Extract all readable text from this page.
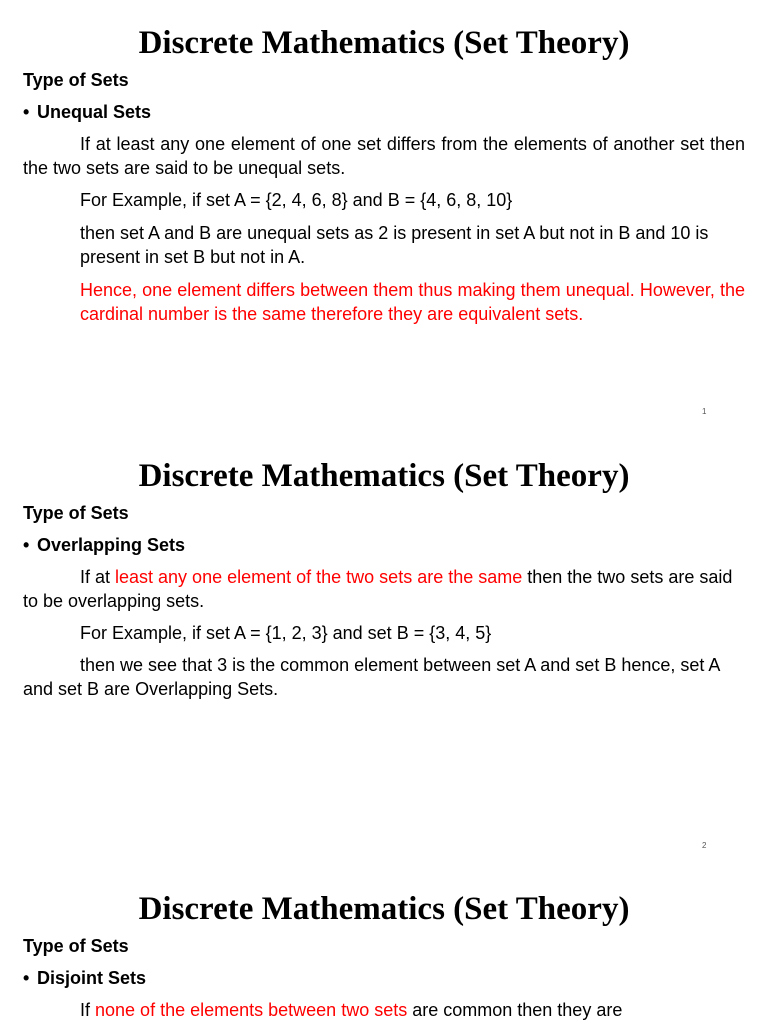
Discrete Mathematics (Set Theory)
Type of Sets
• Unequal Sets

If at least any one element of one set differs from the elements of another set then the two sets are said to be unequal sets.

For Example, if set A = {2, 4, 6, 8} and B = {4, 6, 8, 10}

then set A and B are unequal sets as 2 is present in set A but not in B and 10 is present in set B but not in A.

Hence, one element differs between them thus making them unequal. However, the cardinal number is the same therefore they are equivalent sets.

1
Discrete Mathematics (Set Theory)
Type of Sets
• Overlapping Sets

If at least any one element of the two sets are the same then the two sets are said to be overlapping sets.

For Example, if set A = {1, 2, 3} and set B = {3, 4, 5}

then we see that 3 is the common element between set A and set B hence, set A and set B are Overlapping Sets.

2
Discrete Mathematics (Set Theory)
Type of Sets
• Disjoint Sets

If none of the elements between two sets are common then they are
